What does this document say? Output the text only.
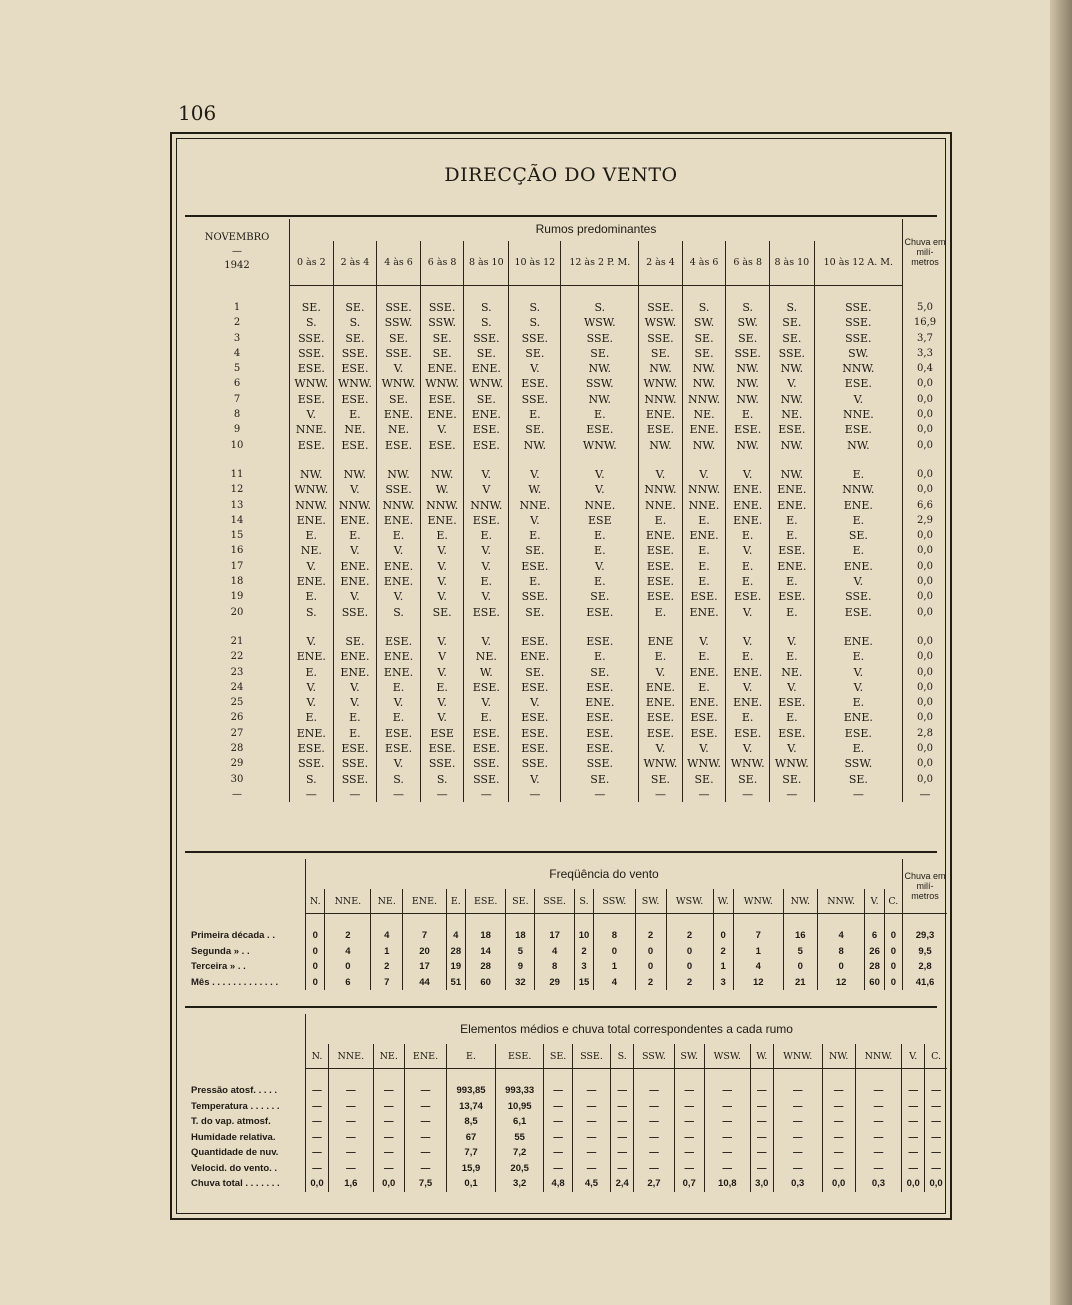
106
DIRECÇÃO DO VENTO
NOVEMBRO
—
1942	Rumos predominantes												Chuva em milí- metros
	0 às 2	2 às 4	4 às 6	6 às 8	8 às 10	10 às 12	12 às 2 P. M.	2 às 4	4 às 6	6 às 8	8 às 10	10 às 12 A. M.	

1	SE.	SE.	SSE.	SSE.	S.	S.	S.	SSE.	S.	S.	S.	SSE.	5,0
2	S.	S.	SSW.	SSW.	S.	S.	WSW.	WSW.	SW.	SW.	SE.	SSE.	16,9
3	SSE.	SE.	SE.	SE.	SSE.	SSE.	SSE.	SSE.	SE.	SE.	SE.	SSE.	3,7
4	SSE.	SSE.	SSE.	SE.	SE.	SE.	SE.	SE.	SE.	SSE.	SSE.	SW.	3,3
5	ESE.	ESE.	V.	ENE.	ENE.	V.	NW.	NW.	NW.	NW.	NW.	NNW.	0,4
6	WNW.	WNW.	WNW.	WNW.	WNW.	ESE.	SSW.	WNW.	NW.	NW.	V.	ESE.	0,0
7	ESE.	ESE.	SE.	ESE.	SE.	SSE.	NW.	NNW.	NNW.	NW.	NW.	V.	0,0
8	V.	E.	ENE.	ENE.	ENE.	E.	E.	ENE.	NE.	E.	NE.	NNE.	0,0
9	NNE.	NE.	NE.	V.	ESE.	SE.	ESE.	ESE.	ENE.	ESE.	ESE.	ESE.	0,0
10	ESE.	ESE.	ESE.	ESE.	ESE.	NW.	WNW.	NW.	NW.	NW.	NW.	NW.	0,0

11	NW.	NW.	NW.	NW.	V.	V.	V.	V.	V.	V.	NW.	E.	0,0
12	WNW.	V.	SSE.	W.	V	W.	V.	NNW.	NNW.	ENE.	ENE.	NNW.	0,0
13	NNW.	NNW.	NNW.	NNW.	NNW.	NNE.	NNE.	NNE.	NNE.	ENE.	ENE.	ENE.	6,6
14	ENE.	ENE.	ENE.	ENE.	ESE.	V.	ESE	E.	E.	ENE.	E.	E.	2,9
15	E.	E.	E.	E.	E.	E.	E.	ENE.	ENE.	E.	E.	SE.	0,0
16	NE.	V.	V.	V.	V.	SE.	E.	ESE.	E.	V.	ESE.	E.	0,0
17	V.	ENE.	ENE.	V.	V.	ESE.	V.	ESE.	E.	E.	ENE.	ENE.	0,0
18	ENE.	ENE.	ENE.	V.	E.	E.	E.	ESE.	E.	E.	E.	V.	0,0
19	E.	V.	V.	V.	V.	SSE.	SE.	ESE.	ESE.	ESE.	ESE.	SSE.	0,0
20	S.	SSE.	S.	SE.	ESE.	SE.	ESE.	E.	ENE.	V.	E.	ESE.	0,0

21	V.	SE.	ESE.	V.	V.	ESE.	ESE.	ENE	V.	V.	V.	ENE.	0,0
22	ENE.	ENE.	ENE.	V	NE.	ENE.	E.	E.	E.	E.	E.	E.	0,0
23	E.	ENE.	ENE.	V.	W.	SE.	SE.	V.	ENE.	ENE.	NE.	V.	0,0
24	V.	V.	E.	E.	ESE.	ESE.	ESE.	ENE.	E.	V.	V.	V.	0,0
25	V.	V.	V.	V.	V.	V.	ENE.	ENE.	ENE.	ENE.	ESE.	E.	0,0
26	E.	E.	E.	V.	E.	ESE.	ESE.	ESE.	ESE.	E.	E.	ENE.	0,0
27	ENE.	E.	ESE.	ESE	ESE.	ESE.	ESE.	ESE.	ESE.	ESE.	ESE.	ESE.	2,8
28	ESE.	ESE.	ESE.	ESE.	ESE.	ESE.	ESE.	V.	V.	V.	V.	E.	0,0
29	SSE.	SSE.	V.	SSE.	SSE.	SSE.	SSE.	WNW.	WNW.	WNW.	WNW.	SSW.	0,0
30	S.	SSE.	S.	S.	SSE.	V.	SE.	SE.	SE.	SE.	SE.	SE.	0,0
—	—	—	—	—	—	—	—	—	—	—	—	—	—
	Freqüência do vento																		Chuva em milí- metros
	N.	NNE.	NE.	ENE.	E.	ESE.	SE.	SSE.	S.	SSW.	SW.	WSW.	W.	WNW.	NW.	NNW.	V.	C.	

Primeira década . .	0	2	4	7	4	18	18	17	10	8	2	2	0	7	16	4	6	0	29,3
Segunda » . .	0	4	1	20	28	14	5	4	2	0	0	0	2	1	5	8	26	0	9,5
Terceira » . .	0	0	2	17	19	28	9	8	3	1	0	0	1	4	0	0	28	0	2,8
Mês . . . . . . . . . . . . .	0	6	7	44	51	60	32	29	15	4	2	2	3	12	21	12	60	0	41,6
	Elementos médios e chuva total correspondentes a cada rumo																	
	N.	NNE.	NE.	ENE.	E.	ESE.	SE.	SSE.	S.	SSW.	SW.	WSW.	W.	WNW.	NW.	NNW.	V.	C.

Pressão atosf. . . . .	—	—	—	—	993,85	993,33	—	—	—	—	—	—	—	—	—	—	—	—
Temperatura . . . . . .	—	—	—	—	13,74	10,95	—	—	—	—	—	—	—	—	—	—	—	—
T. do vap. atmosf.	—	—	—	—	8,5	6,1	—	—	—	—	—	—	—	—	—	—	—	—
Humidade relativa.	—	—	—	—	67	55	—	—	—	—	—	—	—	—	—	—	—	—
Quantidade de nuv.	—	—	—	—	7,7	7,2	—	—	—	—	—	—	—	—	—	—	—	—
Velocid. do vento. .	—	—	—	—	15,9	20,5	—	—	—	—	—	—	—	—	—	—	—	—
Chuva total . . . . . . .	0,0	1,6	0,0	7,5	0,1	3,2	4,8	4,5	2,4	2,7	0,7	10,8	3,0	0,3	0,0	0,3	0,0	0,0
